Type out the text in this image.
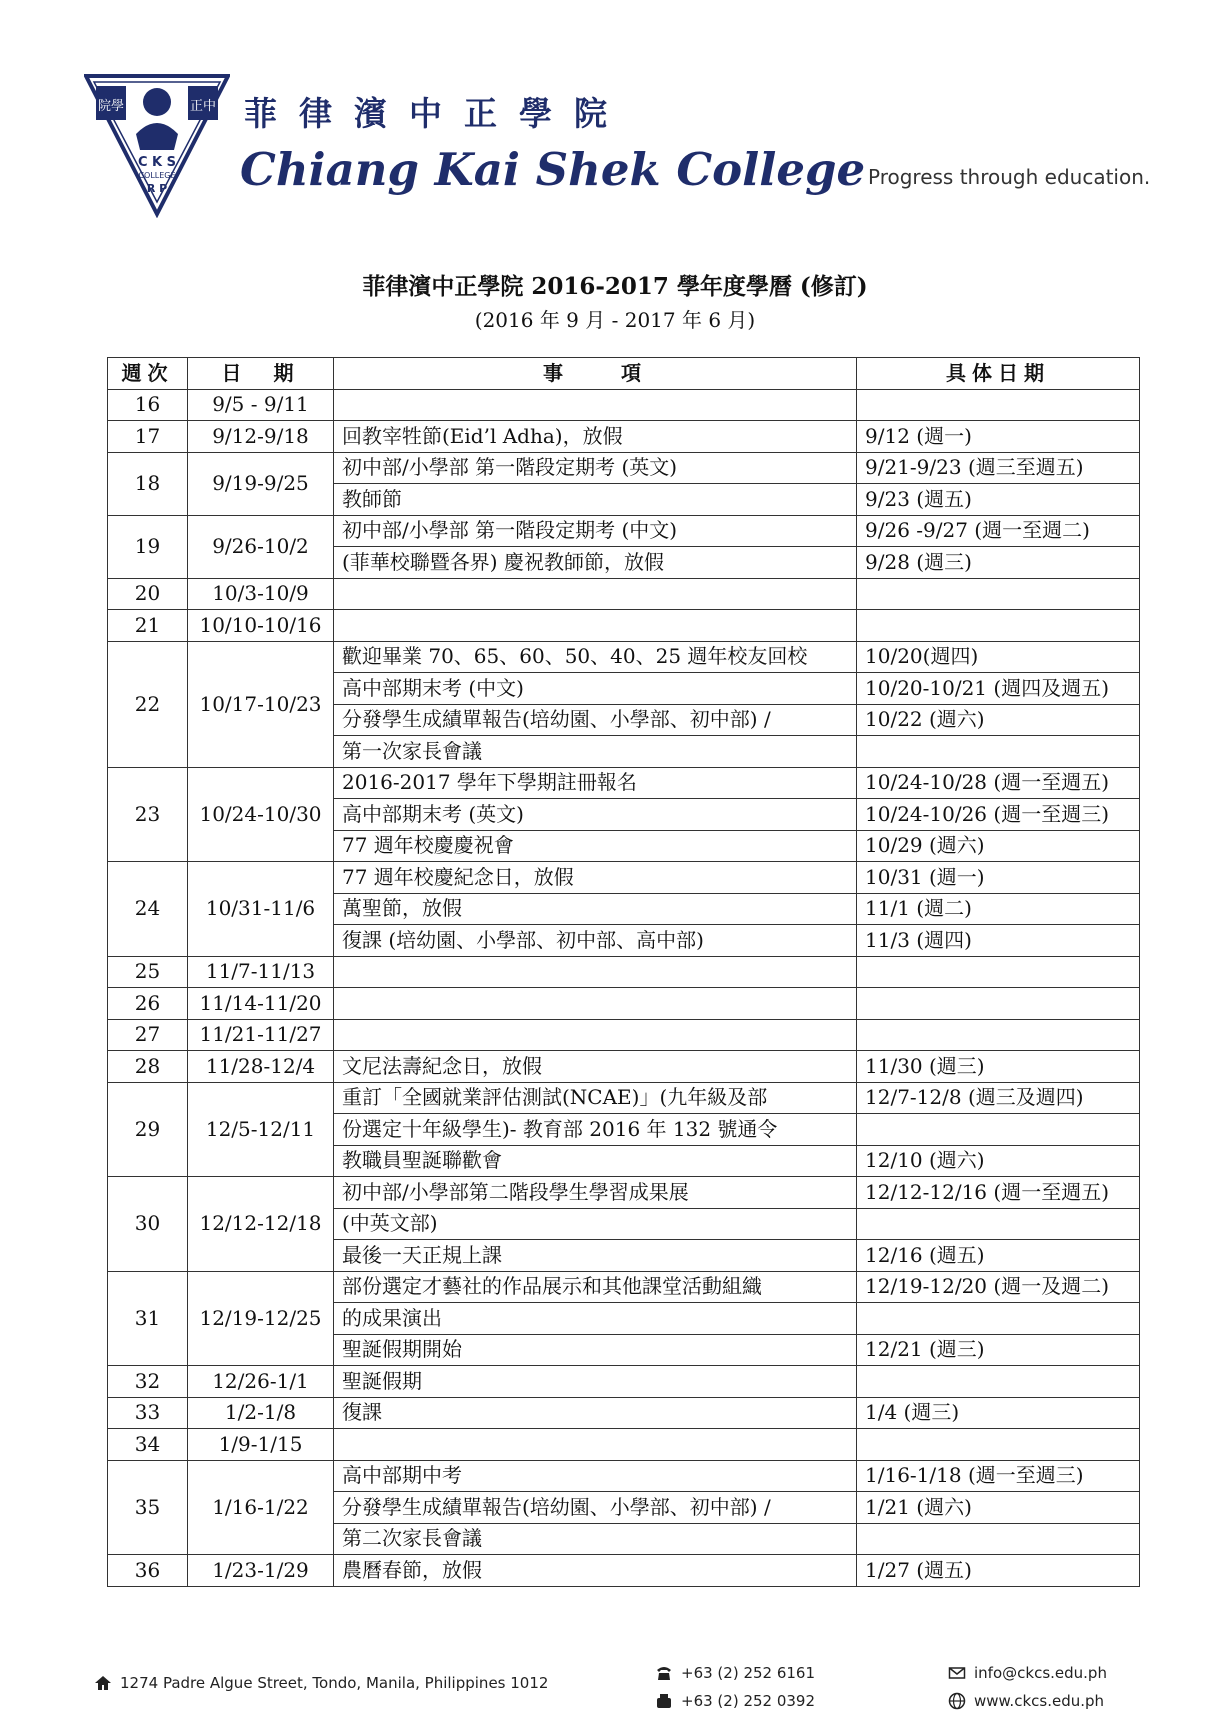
院學	正中
C K S
COLLEGE
R P
菲律濱中正學院
Chiang Kai Shek College Progress through education.
菲律濱中正學院 2016-2017 學年度學曆 (修訂)
(2016 年 9 月 - 2017 年 6 月)
週次	日　期	事　　項	具体日期
16	9/5 - 9/11		
17	9/12-9/18	回教宰牲節(Eid’l Adha)，放假	9/12 (週一)
18	9/19-9/25	初中部/小學部 第一階段定期考 (英文)	9/21-9/23 (週三至週五)
		教師節	9/23 (週五)
19	9/26-10/2	初中部/小學部 第一階段定期考 (中文)	9/26 -9/27 (週一至週二)
		(菲華校聯暨各界) 慶祝教師節，放假	9/28 (週三)
20	10/3-10/9		
21	10/10-10/16		
22	10/17-10/23	歡迎畢業 70、65、60、50、40、25 週年校友回校	10/20(週四)
		高中部期末考 (中文)	10/20-10/21 (週四及週五)
		分發學生成績單報告(培幼園、小學部、初中部) /	10/22 (週六)
		第一次家長會議	
23	10/24-10/30	2016-2017 學年下學期註冊報名	10/24-10/28 (週一至週五)
		高中部期末考 (英文)	10/24-10/26 (週一至週三)
		77 週年校慶慶祝會	10/29 (週六)
24	10/31-11/6	77 週年校慶紀念日，放假	10/31 (週一)
		萬聖節，放假	11/1 (週二)
		復課 (培幼園、小學部、初中部、高中部)	11/3 (週四)
25	11/7-11/13		
26	11/14-11/20		
27	11/21-11/27		
28	11/28-12/4	文尼法壽紀念日，放假	11/30 (週三)
29	12/5-12/11	重訂「全國就業評估測試(NCAE)」(九年級及部	12/7-12/8 (週三及週四)
		份選定十年級學生)- 教育部 2016 年 132 號通令	
		教職員聖誕聯歡會	12/10 (週六)
30	12/12-12/18	初中部/小學部第二階段學生學習成果展	12/12-12/16 (週一至週五)
		(中英文部)	
		最後一天正規上課	12/16 (週五)
31	12/19-12/25	部份選定才藝社的作品展示和其他課堂活動組織	12/19-12/20 (週一及週二)
		的成果演出	
		聖誕假期開始	12/21 (週三)
32	12/26-1/1	聖誕假期	
33	1/2-1/8	復課	1/4 (週三)
34	1/9-1/15		
35	1/16-1/22	高中部期中考	1/16-1/18 (週一至週三)
		分發學生成績單報告(培幼園、小學部、初中部) /	1/21 (週六)
		第二次家長會議	
36	1/23-1/29	農曆春節，放假	1/27 (週五)
1274 Padre Algue Street, Tondo, Manila, Philippines 1012
+63 (2) 252 6161
+63 (2) 252 0392
info@ckcs.edu.ph
www.ckcs.edu.ph
